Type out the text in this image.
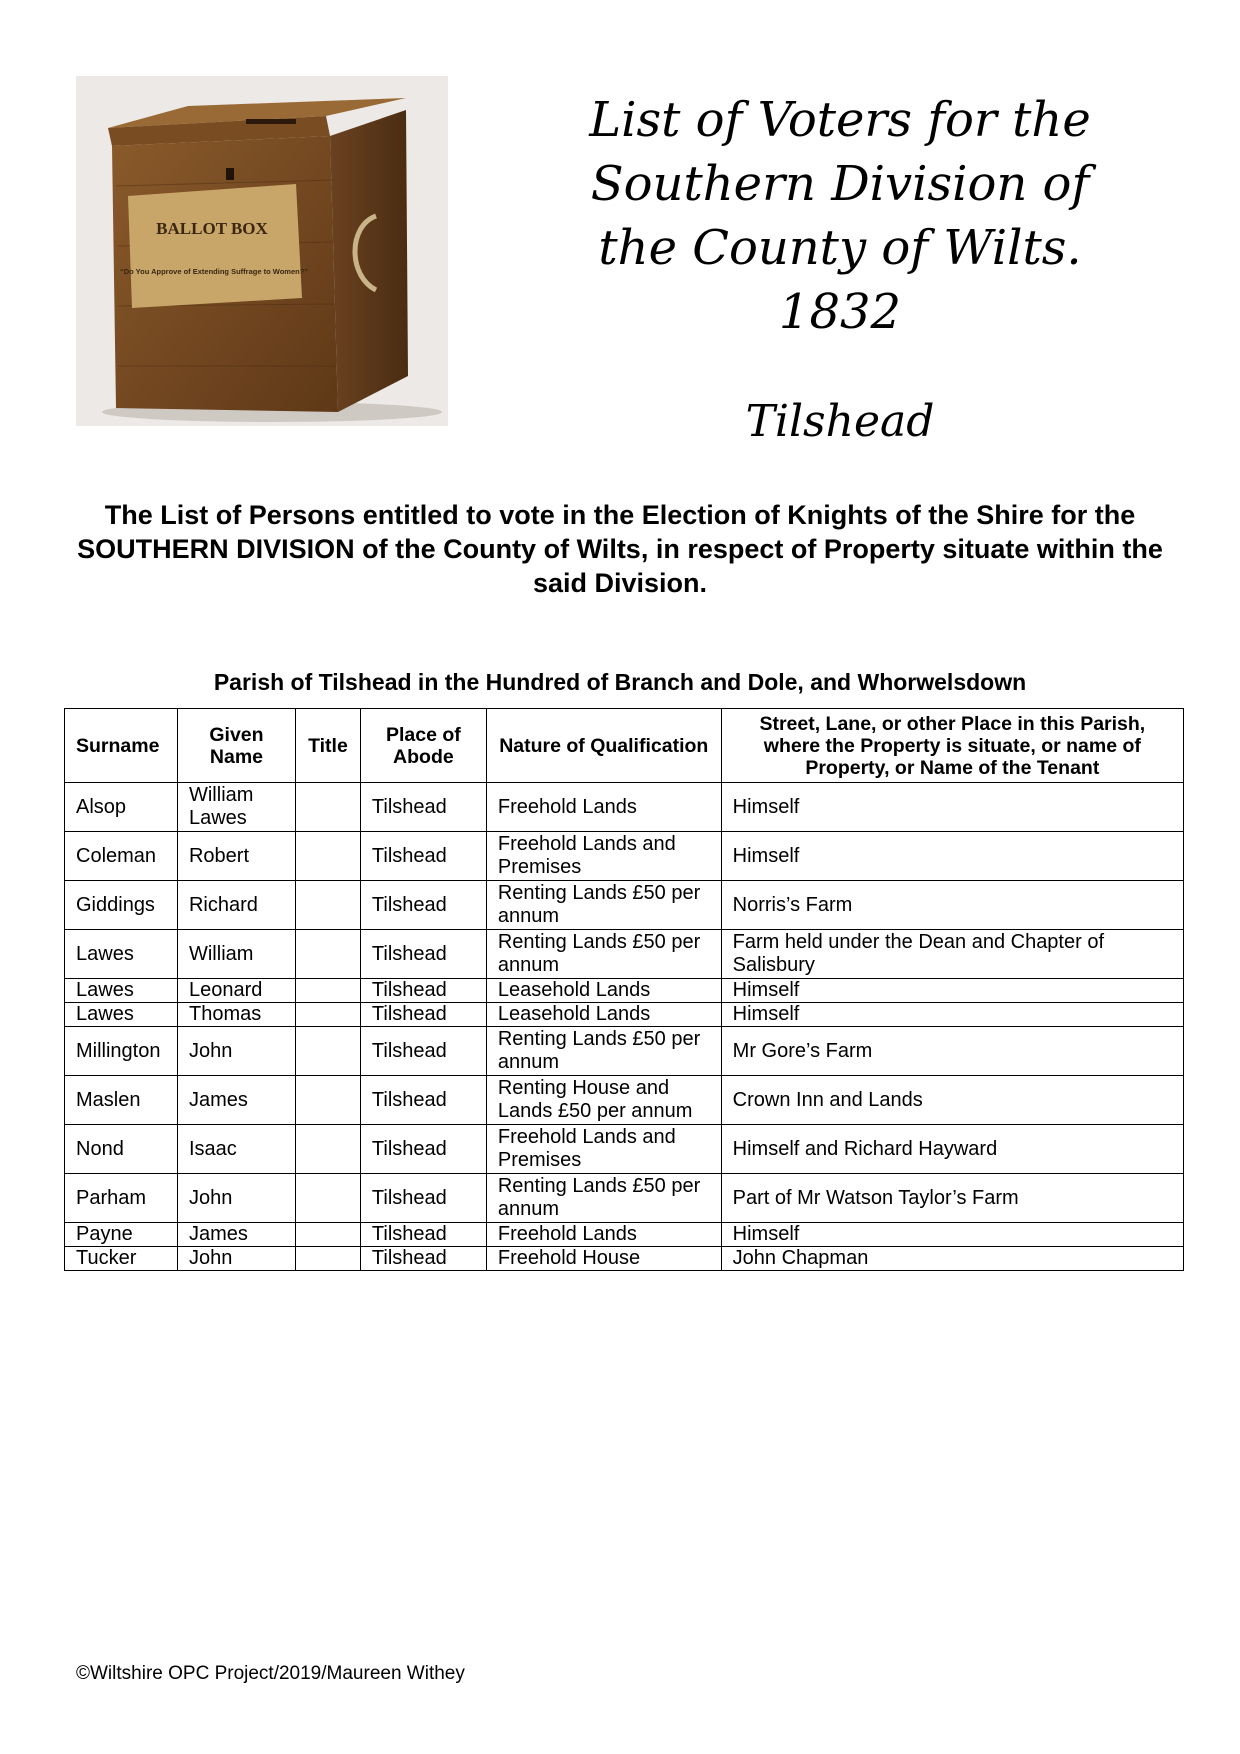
BALLOT BOX
“Do You Approve of Extending Suffrage to Women?”
List of Voters for the
Southern Division of
the County of Wilts.
1832
Tilshead
The List of Persons entitled to vote in the Election of Knights of the Shire for the SOUTHERN DIVISION of the County of Wilts, in respect of Property situate within the said Division.
Parish of Tilshead in the Hundred of Branch and Dole, and Whorwelsdown
Surname	Given Name	Title	Place of Abode	Nature of Qualification	Street, Lane, or other Place in this Parish, where the Property is situate, or name of Property, or Name of the Tenant
Alsop	William Lawes		Tilshead	Freehold Lands	Himself
Coleman	Robert		Tilshead	Freehold Lands and Premises	Himself
Giddings	Richard		Tilshead	Renting Lands £50 per annum	Norris’s Farm
Lawes	William		Tilshead	Renting Lands £50 per annum	Farm held under the Dean and Chapter of Salisbury
Lawes	Leonard		Tilshead	Leasehold Lands	Himself
Lawes	Thomas		Tilshead	Leasehold Lands	Himself
Millington	John		Tilshead	Renting Lands £50 per annum	Mr Gore’s Farm
Maslen	James		Tilshead	Renting House and Lands £50 per annum	Crown Inn and Lands
Nond	Isaac		Tilshead	Freehold Lands and Premises	Himself and Richard Hayward
Parham	John		Tilshead	Renting Lands £50 per annum	Part of Mr Watson Taylor’s Farm
Payne	James		Tilshead	Freehold Lands	Himself
Tucker	John		Tilshead	Freehold House	John Chapman
©Wiltshire OPC Project/2019/Maureen Withey
